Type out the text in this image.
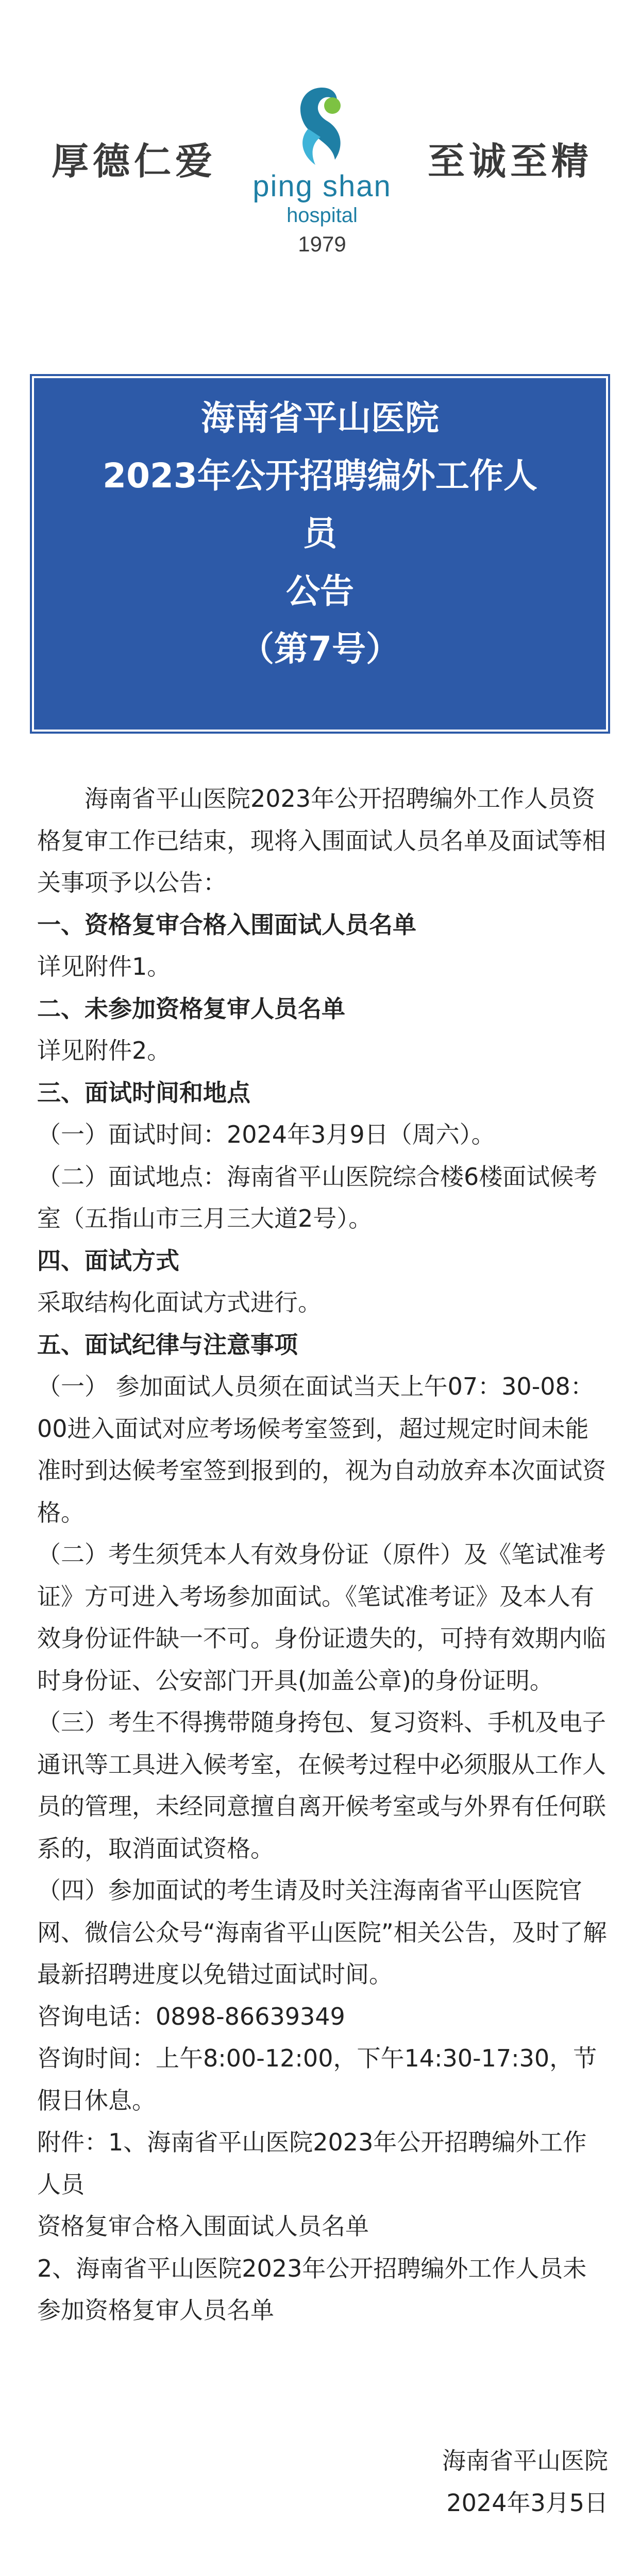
厚德仁爱
ping shan
hospital
1979
至诚至精
海南省平山医院
2023年公开招聘编外工作人
员
公告
（第7号）

海南省平山医院2023年公开招聘编外工作人员资格复审工作已结束，现将入围面试人员名单及面试等相关事项予以公告：

一、资格复审合格入围面试人员名单

详见附件1。

二、未参加资格复审人员名单

详见附件2。

三、面试时间和地点

（一）面试时间：2024年3月9日（周六）。

（二）面试地点：海南省平山医院综合楼6楼面试候考室（五指山市三月三大道2号）。

四、面试方式

采取结构化面试方式进行。

五、面试纪律与注意事项

（一） 参加面试人员须在面试当天上午07：30-08：00进入面试对应考场候考室签到，超过规定时间未能准时到达候考室签到报到的，视为自动放弃本次面试资格。

（二）考生须凭本人有效身份证（原件）及《笔试准考证》方可进入考场参加面试。《笔试准考证》及本人有效身份证件缺一不可。身份证遗失的，可持有效期内临时身份证、公安部门开具(加盖公章)的身份证明。

（三）考生不得携带随身挎包、复习资料、手机及电子通讯等工具进入候考室，在候考过程中必须服从工作人员的管理，未经同意擅自离开候考室或与外界有任何联系的，取消面试资格。

（四）参加面试的考生请及时关注海南省平山医院官网、微信公众号“海南省平山医院”相关公告，及时了解最新招聘进度以免错过面试时间。

咨询电话：0898-86639349

咨询时间：上午8:00-12:00，下午14:30-17:30，节假日休息。

附件：1、海南省平山医院2023年公开招聘编外工作人员

资格复审合格入围面试人员名单

2、海南省平山医院2023年公开招聘编外工作人员未参加资格复审人员名单

海南省平山医院
2024年3月5日
